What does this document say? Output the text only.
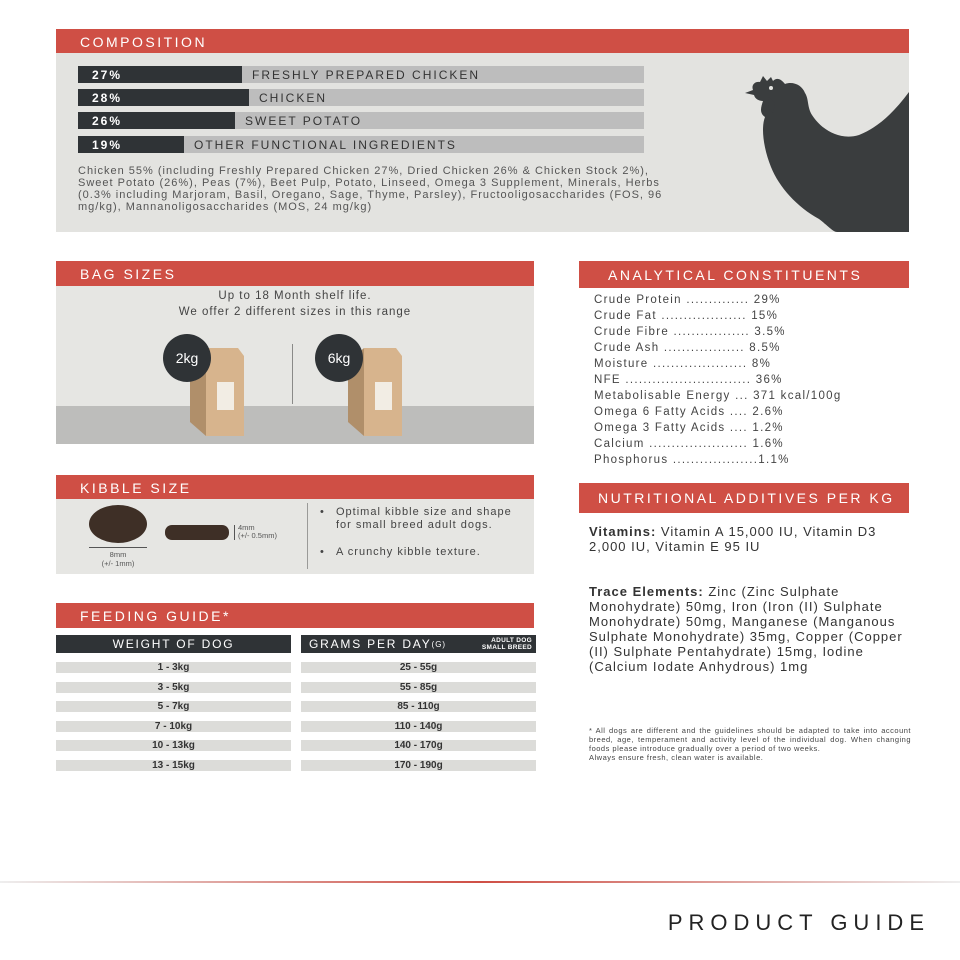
COMPOSITION
27%	FRESHLY PREPARED CHICKEN
28%	CHICKEN
26%	SWEET POTATO
19%	OTHER FUNCTIONAL INGREDIENTS
Chicken 55% (including Freshly Prepared Chicken 27%, Dried Chicken 26% & Chicken Stock 2%), Sweet Potato (26%), Peas (7%), Beet Pulp, Potato, Linseed, Omega 3 Supplement, Minerals, Herbs (0.3% including Marjoram, Basil, Oregano, Sage, Thyme, Parsley), Fructooligosaccharides (FOS, 96 mg/kg), Mannanoligosaccharides (MOS, 24 mg/kg)
BAG SIZES
Up to 18 Month shelf life.
We offer 2 different sizes in this range
2kg	6kg
KIBBLE SIZE
8mm
(+/- 1mm)
4mm
(+/- 0.5mm)
• Optimal kibble size and shape for small breed adult dogs.
• A crunchy kibble texture.
FEEDING GUIDE*
WEIGHT OF DOG	GRAMS PER DAY (G)	ADULT DOG
SMALL BREED
1 - 3kg	25 - 55g
3 - 5kg	55 - 85g
5 - 7kg	85 - 110g
7 - 10kg	110 - 140g
10 - 13kg	140 - 170g
13 - 15kg	170 - 190g
ANALYTICAL CONSTITUENTS
Crude Protein .............. 29%
Crude Fat ................... 15%
Crude Fibre ................. 3.5%
Crude Ash .................. 8.5%
Moisture ..................... 8%
NFE ............................ 36%
Metabolisable Energy ... 371 kcal/100g
Omega 6 Fatty Acids .... 2.6%
Omega 3 Fatty Acids .... 1.2%
Calcium ...................... 1.6%
Phosphorus ...................1.1%
NUTRITIONAL ADDITIVES PER KG
Vitamins: Vitamin A 15,000 IU, Vitamin D3 2,000 IU, Vitamin E 95 IU
Trace Elements: Zinc (Zinc Sulphate Monohydrate) 50mg, Iron (Iron (II) Sulphate Monohydrate) 50mg, Manganese (Manganous Sulphate Monohydrate) 35mg, Copper (Copper (II) Sulphate Pentahydrate) 15mg, Iodine (Calcium Iodate Anhydrous) 1mg
* All dogs are different and the guidelines should be adapted to take into account breed, age, temperament and activity level of the individual dog. When changing foods please introduce gradually over a period of two weeks.
Always ensure fresh, clean water is available.
PRODUCT GUIDE
